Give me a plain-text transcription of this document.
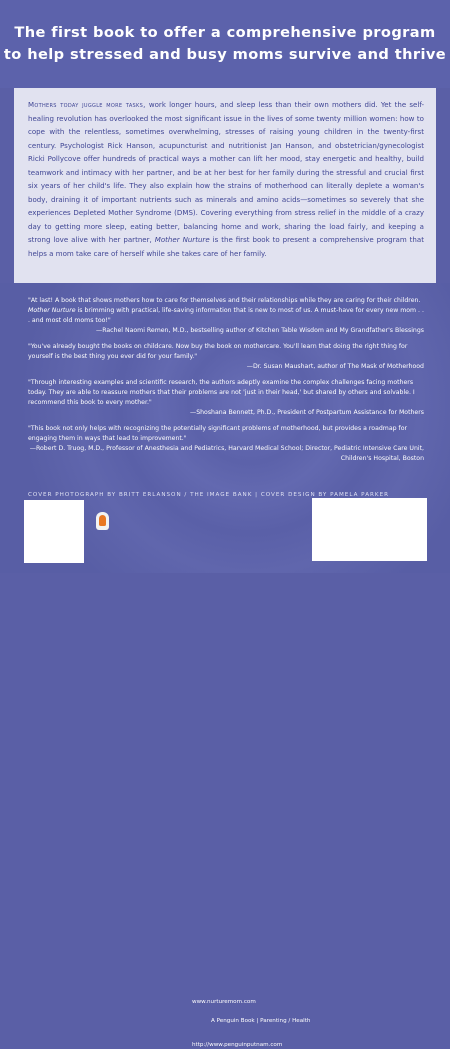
The first book to offer a comprehensive program
to help stressed and busy moms survive and thrive

Mothers today juggle more tasks, work longer hours, and sleep less than their own mothers did. Yet the self-healing revolution has overlooked the most significant issue in the lives of some twenty million women: how to cope with the relentless, sometimes overwhelming, stresses of raising young children in the twenty-first century. Psychologist Rick Hanson, acupuncturist and nutritionist Jan Hanson, and obstetrician/gynecologist Ricki Pollycove offer hundreds of practical ways a mother can lift her mood, stay energetic and healthy, build teamwork and intimacy with her partner, and be at her best for her family during the stressful and crucial first six years of her child's life. They also explain how the strains of motherhood can literally deplete a woman's body, draining it of important nutrients such as minerals and amino acids—sometimes so severely that she experiences Depleted Mother Syndrome (DMS). Covering everything from stress relief in the middle of a crazy day to getting more sleep, eating better, balancing home and work, sharing the load fairly, and keeping a strong love alive with her partner, Mother Nurture is the first book to present a comprehensive program that helps a mom take care of herself while she takes care of her family.

"At last! A book that shows mothers how to care for themselves and their relationships while they are caring for their children. Mother Nurture is brimming with practical, life-saving information that is new to most of us. A must-have for every new mom . . . and most old moms too!"
—Rachel Naomi Remen, M.D., bestselling author of Kitchen Table Wisdom and My Grandfather's Blessings
"You've already bought the books on childcare. Now buy the book on mothercare. You'll learn that doing the right thing for yourself is the best thing you ever did for your family."
—Dr. Susan Maushart, author of The Mask of Motherhood
"Through interesting examples and scientific research, the authors adeptly examine the complex challenges facing mothers today. They are able to reassure mothers that their problems are not 'just in their head,' but shared by others and solvable. I recommend this book to every mother."
—Shoshana Bennett, Ph.D., President of Postpartum Assistance for Mothers
"This book not only helps with recognizing the potentially significant problems of motherhood, but provides a roadmap for engaging them in ways that lead to improvement."
—Robert D. Truog, M.D., Professor of Anesthesia and Pediatrics, Harvard Medical School; Director, Pediatric Intensive Care Unit, Children's Hospital, Boston
COVER PHOTOGRAPH BY BRITT ERLANSON / THE IMAGE BANK | COVER DESIGN BY PAMELA PARKER
www.nurturemom.com
A Penguin Book | Parenting / Health
http://www.penguinputnam.com
